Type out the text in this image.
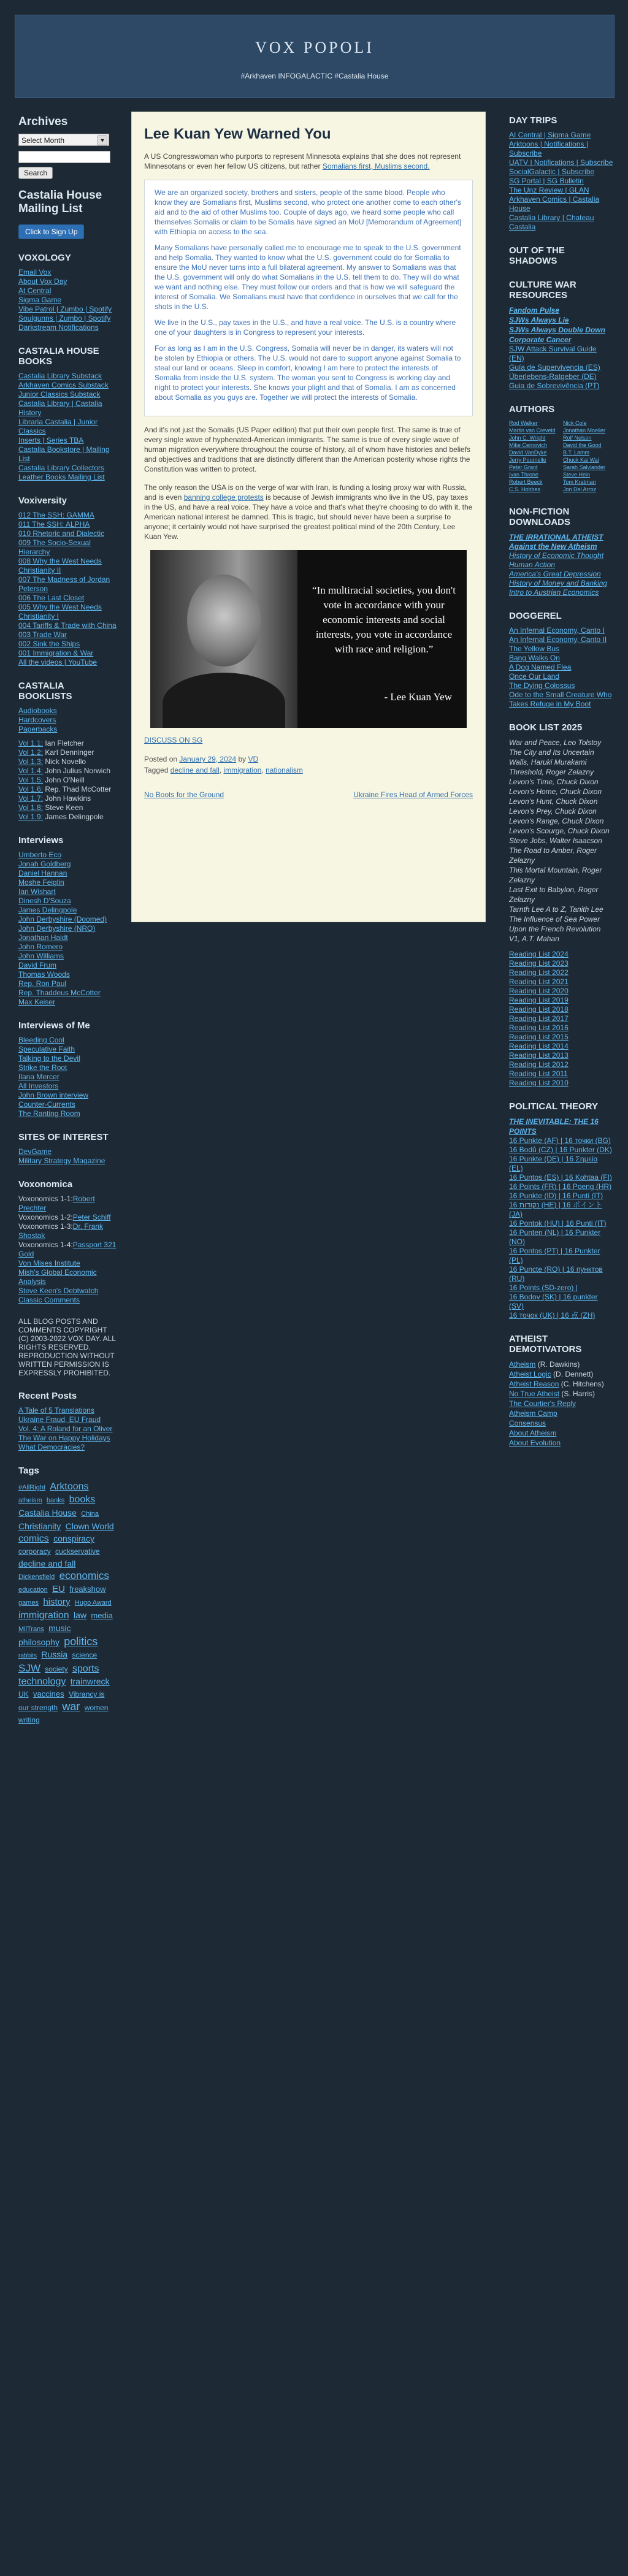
VOX POPOLI
#Arkhaven INFOGALACTIC #Castalia House
Archives
Select Month	▼
Search
Castalia House Mailing List
Click to Sign Up
VOXOLOGY
Email Vox
About Vox Day
At Central
Sigma Game
Vibe Patrol | Zumbo | Spotify
Soulgunns | Zumbo | Spotify
Darkstream Notifications
CASTALIA HOUSE BOOKS
Castalia Library Substack
Arkhaven Comics Substack
Junior Classics Substack
Castalia Library | Castalia History
Libraria Castalia | Junior Classics
Inserts | Series TBA
Castalia Bookstore | Mailing List
Castalia Library Collectors
Leather Books Mailing List
Voxiversity
012 The SSH: GAMMA
011 The SSH: ALPHA
010 Rhetoric and Dialectic
009 The Socio-Sexual Hierarchy
008 Why the West Needs Christianity II
007 The Madness of Jordan Peterson
006 The Last Closet
005 Why the West Needs Christianity I
004 Tariffs & Trade with China
003 Trade War
002 Sink the Ships
001 Immigration & War
All the videos | YouTube
CASTALIA BOOKLISTS
Audiobooks
Hardcovers
Paperbacks
Vol 1.1: Ian Fletcher
Vol 1.2: Karl Denninger
Vol 1.3: Nick Novello
Vol 1.4: John Julius Norwich
Vol 1.5: John O'Neill
Vol 1.6: Rep. Thad McCotter
Vol 1.7: John Hawkins
Vol 1.8: Steve Keen
Vol 1.9: James Delingpole
Interviews
Umberto Eco
Jonah Goldberg
Daniel Hannan
Moshe Feiglin
Ian Wishart
Dinesh D'Souza
James Delingpole
John Derbyshire (Doomed)
John Derbyshire (NRO)
Jonathan Haidt
John Romero
John Williams
David Frum
Thomas Woods
Rep. Ron Paul
Rep. Thaddeus McCotter
Max Keiser
Interviews of Me
Bleeding Cool
Speculative Faith
Talking to the Devil
Strike the Root
Ilana Mercer
All Investors
John Brown interview
Counter-Currents
The Ranting Room
SITES OF INTEREST
DevGame
Military Strategy Magazine
Voxonomica
Voxonomics 1-1:Robert Prechter
Voxonomics 1-2:Peter Schiff
Voxonomics 1-3:Dr. Frank Shostak
Voxonomics 1-4:Passport 321 Gold
Von Mises Institute
Mish's Global Economic Analysis
Steve Keen's Debtwatch
Classic Comments
ALL BLOG POSTS AND COMMENTS COPYRIGHT (C) 2003-2022 VOX DAY. ALL RIGHTS RESERVED. REPRODUCTION WITHOUT WRITTEN PERMISSION IS EXPRESSLY PROHIBITED.
Recent Posts
A Tale of 5 Translations
Ukraine Fraud, EU Fraud
Vol. 4: A Roland for an Oliver
The War on Happy Holidays
What Democracies?
Tags
#AllRight Arktoons atheism banks books Castalia House China Christianity Clown World comics conspiracy corporacy cuckservative decline and fall Dickensfield economics education EU freakshow games history Hugo Award immigration law media MilTrans music philosophy politics rabbits Russia science SJW society sports technology trainwreck UK vaccines Vibrancy is our strength war women writing
Lee Kuan Yew Warned You

A US Congresswoman who purports to represent Minnesota explains that she does not represent Minnesotans or even her fellow US citizens, but rather Somalians first, Muslims second.

We are an organized society, brothers and sisters, people of the same blood. People who know they are Somalians first, Muslims second, who protect one another come to each other's aid and to the aid of other Muslims too. Couple of days ago, we heard some people who call themselves Somalis or claim to be Somalis have signed an MoU [Memorandum of Agreement] with Ethiopia on access to the sea.

Many Somalians have personally called me to encourage me to speak to the U.S. government and help Somalia. They wanted to know what the U.S. government could do for Somalia to ensure the MoU never turns into a full bilateral agreement. My answer to Somalians was that the U.S. government will only do what Somalians in the U.S. tell them to do. They will do what we want and nothing else. They must follow our orders and that is how we will safeguard the interest of Somalia. We Somalians must have that confidence in ourselves that we call for the shots in the U.S.

We live in the U.S., pay taxes in the U.S., and have a real voice. The U.S. is a country where one of your daughters is in Congress to represent your interests.

For as long as I am in the U.S. Congress, Somalia will never be in danger, its waters will not be stolen by Ethiopia or others. The U.S. would not dare to support anyone against Somalia to steal our land or oceans. Sleep in comfort, knowing I am here to protect the interests of Somalia from inside the U.S. system. The woman you sent to Congress is working day and night to protect your interests. She knows your plight and that of Somalia. I am as concerned about Somalia as you guys are. Together we will protect the interests of Somalia.

And it's not just the Somalis (US Paper edition) that put their own people first. The same is true of every single wave of hyphenated-American immigrants. The same is true of every single wave of human migration everywhere throughout the course of history, all of whom have histories and beliefs and objectives and traditions that are distinctly different than the American posterity whose rights the Constitution was written to protect.

The only reason the USA is on the verge of war with Iran, is funding a losing proxy war with Russia, and is even banning college protests is because of Jewish immigrants who live in the US, pay taxes in the US, and have a real voice. They have a voice and that's what they're choosing to do with it, the American national interest be damned. This is tragic, but should never have been a surprise to anyone; it certainly would not have surprised the greatest political mind of the 20th Century, Lee Kuan Yew.

“In multiracial societies, you don't vote in accordance with your economic interests and social interests, you vote in accordance with race and religion.”
- Lee Kuan Yew

DISCUSS ON SG

Posted on January 29, 2024 by VD
Tagged decline and fall, immigration, nationalism
No Boots for the Ground	Ukraine Fires Head of Armed Forces
DAY TRIPS
AI Central | Sigma Game
Arktoons | Notifications | Subscribe
UATV | Notifications | Subscribe
SocialGalactic | Subscribe
SG Portal | SG Bulletin
The Unz Review | GLAN
Arkhaven Comics | Castalia House
Castalia Library | Chateau Castalia
OUT OF THE SHADOWS
CULTURE WAR RESOURCES
Fandom Pulse
SJWs Always Lie
SJWs Always Double Down
Corporate Cancer
SJW Attack Survival Guide (EN)
Guía de Supervivencia (ES)
Überlebens-Ratgeber (DE)
Guia de Sobrevivência (PT)
AUTHORS
Rod Walker	Nick Cole
Martin van Creveld	Jonathan Moeller
John C. Wright	Rolf Nelson
Mike Cernovich	David the Good
David VanDyke	B.T. Lamm
Jerry Pournelle	Chuck Kai Wai
Peter Grant	Sarah Salviander
Ivan Throne	Steve Hein
Robert Beeck	Tom Kratman
C.S. Hobbes	Jon Del Arroz
NON-FICTION DOWNLOADS
THE IRRATIONAL ATHEIST
Against the New Atheism
History of Economic Thought
Human Action
America's Great Depression
History of Money and Banking
Intro to Austrian Economics
DOGGEREL
An Infernal Economy, Canto I
An Infernal Economy, Canto II
The Yellow Bus
Bang Walks On
A Dog Named Flea
Once Our Land
The Dying Colossus
Ode to the Small Creature Who Takes Refuge in My Boot
BOOK LIST 2025
War and Peace, Leo Tolstoy
The City and Its Uncertain Walls, Haruki Murakami
Threshold, Roger Zelazny
Levon's Time, Chuck Dixon
Levon's Home, Chuck Dixon
Levon's Hunt, Chuck Dixon
Levon's Prey, Chuck Dixon
Levon's Range, Chuck Dixon
Levon's Scourge, Chuck Dixon
Steve Jobs, Walter Isaacson
The Road to Amber, Roger Zelazny
This Mortal Mountain, Roger Zelazny
Last Exit to Babylon, Roger Zelazny
Tarnth Lee A to Z, Tanith Lee
The Influence of Sea Power Upon the French Revolution V1, A.T. Mahan
Reading List 2024
Reading List 2023
Reading List 2022
Reading List 2021
Reading List 2020
Reading List 2019
Reading List 2018
Reading List 2017
Reading List 2016
Reading List 2015
Reading List 2014
Reading List 2013
Reading List 2012
Reading List 2011
Reading List 2010
POLITICAL THEORY
THE INEVITABLE: THE 16 POINTS
16 Punkte (AF) | 16 точки (BG)
16 Bodů (CZ) | 16 Punkter (DK)
16 Punkte (DE) | 16 Σημεία (EL)
16 Puntos (ES) | 16 Kohtaa (FI)
16 Points (FR) | 16 Poeng (HR)
16 Punkte (ID) | 16 Punti (IT)
16 נקודות (HE) | 16 ポイント (JA)
16 Pontok (HU) | 16 Punti (IT)
16 Punten (NL) | 16 Punkter (NO)
16 Pontos (PT) | 16 Punkter (PL)
16 Puncte (RO) | 16 пунктов (RU)
16 Points (SD-zero) |
16 Bodov (SK) | 16 punkter (SV)
16 точок (UK) | 16 点 (ZH)
ATHEIST DEMOTIVATORS
Atheism (R. Dawkins)
Atheist Logic (D. Dennett)
Atheist Reason (C. Hitchens)
No True Atheist (S. Harris)
The Courtier's Reply
Atheism Camp
Consensus
About Atheism
About Evolution
